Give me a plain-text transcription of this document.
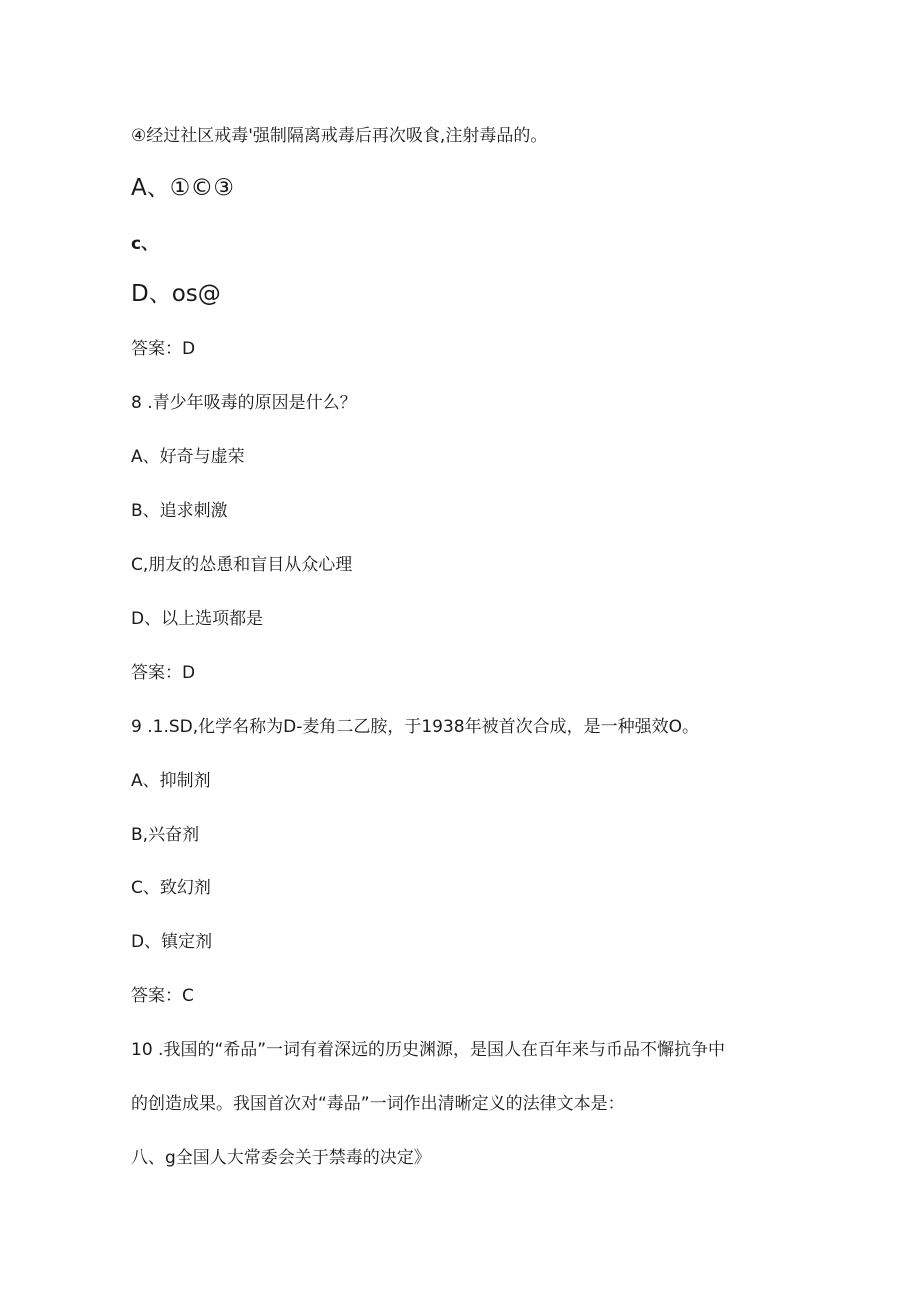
④经过社区戒毒'强制隔离戒毒后再次吸食,注射毒品的。
A、①©③
c、
D、os@
答案：D
8 .青少年吸毒的原因是什么？
A、好奇与虚荣
B、追求刺激
C,朋友的怂恿和盲目从众心理
D、以上选项都是
答案：D
9 .1.SD,化学名称为D-麦角二乙胺，于1938年被首次合成，是一种强效O。
A、抑制剂
B,兴奋剂
C、致幻剂
D、镇定剂
答案：C
10 .我国的“希品”一词有着深远的历史渊源，是国人在百年来与币品不懈抗争中
的创造成果。我国首次对“毒品”一词作出清晰定义的法律文本是：
八、g全国人大常委会关于禁毒的决定》
